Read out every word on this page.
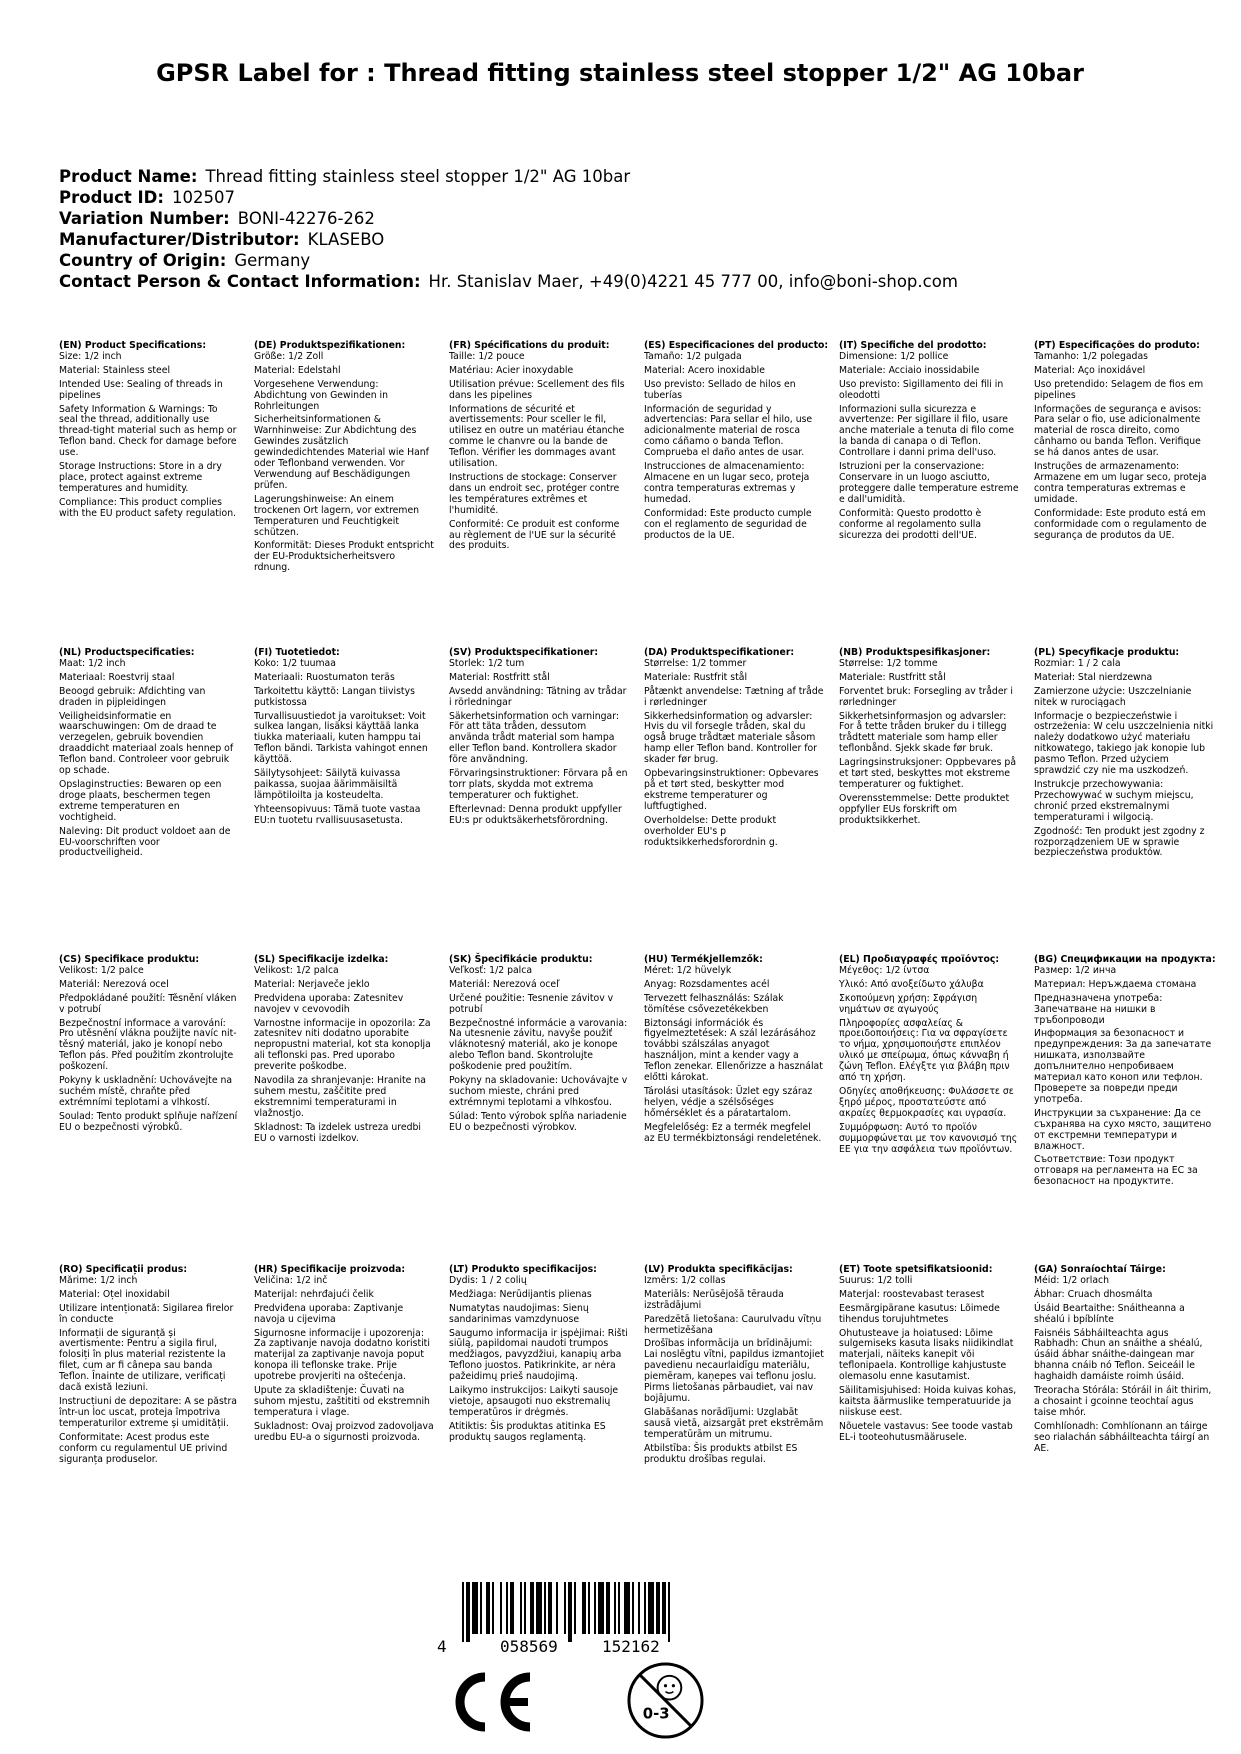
GPSR Label for : Thread fitting stainless steel stopper 1/2" AG 10bar
Product Name: Thread fitting stainless steel stopper 1/2" AG 10bar
Product ID: 102507
Variation Number: BONI-42276-262
Manufacturer/Distributor: KLASEBO
Country of Origin: Germany
Contact Person & Contact Information: Hr. Stanislav Maer, +49(0)4221 45 777 00, info@boni-shop.com
(EN) Product Specifications:
Size: 1/2 inch
Material: Stainless steel
Intended Use: Sealing of threads in pipelines
Safety Information & Warnings: To seal the thread, additionally use thread-tight material such as hemp or Teflon band. Check for damage before use.
Storage Instructions: Store in a dry place, protect against extreme temperatures and humidity.
Compliance: This product complies with the EU product safety regulation.
(DE) Produktspezifikationen:
Größe: 1/2 Zoll
Material: Edelstahl
Vorgesehene Verwendung: Abdichtung von Gewinden in Rohrleitungen
Sicherheitsinformationen & Warnhinweise: Zur Abdichtung des Gewindes zusätzlich gewindedichtendes Material wie Hanf oder Teflonband verwenden. Vor Verwendung auf Beschädigungen prüfen.
Lagerungshinweise: An einem trockenen Ort lagern, vor extremen Temperaturen und Feuchtigkeit schützen.
Konformität: Dieses Produkt entspricht der EU-Produktsicherheitsvero rdnung.
(FR) Spécifications du produit:
Taille: 1/2 pouce
Matériau: Acier inoxydable
Utilisation prévue: Scellement des fils dans les pipelines
Informations de sécurité et avertissements: Pour sceller le fil, utilisez en outre un matériau étanche comme le chanvre ou la bande de Teflon. Vérifier les dommages avant utilisation.
Instructions de stockage: Conserver dans un endroit sec, protéger contre les températures extrêmes et l'humidité.
Conformité: Ce produit est conforme au règlement de l'UE sur la sécurité des produits.
(ES) Especificaciones del producto:
Tamaño: 1/2 pulgada
Material: Acero inoxidable
Uso previsto: Sellado de hilos en tuberías
Información de seguridad y advertencias: Para sellar el hilo, use adicionalmente material de rosca como cáñamo o banda Teflon. Comprueba el daño antes de usar.
Instrucciones de almacenamiento: Almacene en un lugar seco, proteja contra temperaturas extremas y humedad.
Conformidad: Este producto cumple con el reglamento de seguridad de productos de la UE.
(IT) Specifiche del prodotto:
Dimensione: 1/2 pollice
Materiale: Acciaio inossidabile
Uso previsto: Sigillamento dei fili in oleodotti
Informazioni sulla sicurezza e avvertenze: Per sigillare il filo, usare anche materiale a tenuta di filo come la banda di canapa o di Teflon. Controllare i danni prima dell'uso.
Istruzioni per la conservazione: Conservare in un luogo asciutto, proteggere dalle temperature estreme e dall'umidità.
Conformità: Questo prodotto è conforme al regolamento sulla sicurezza dei prodotti dell'UE.
(PT) Especificações do produto:
Tamanho: 1/2 polegadas
Material: Aço inoxidável
Uso pretendido: Selagem de fios em pipelines
Informações de segurança e avisos: Para selar o fio, use adicionalmente material de rosca direito, como cânhamo ou banda Teflon. Verifique se há danos antes de usar.
Instruções de armazenamento: Armazene em um lugar seco, proteja contra temperaturas extremas e umidade.
Conformidade: Este produto está em conformidade com o regulamento de segurança de produtos da UE.
(NL) Productspecificaties:
Maat: 1/2 inch
Materiaal: Roestvrij staal
Beoogd gebruik: Afdichting van draden in pijpleidingen
Veiligheidsinformatie en waarschuwingen: Om de draad te verzegelen, gebruik bovendien draaddicht materiaal zoals hennep of Teflon band. Controleer voor gebruik op schade.
Opslaginstructies: Bewaren op een droge plaats, beschermen tegen extreme temperaturen en vochtigheid.
Naleving: Dit product voldoet aan de EU-voorschriften voor productveiligheid.
(FI) Tuotetiedot:
Koko: 1/2 tuumaa
Materiaali: Ruostumaton teräs
Tarkoitettu käyttö: Langan tiivistys putkistossa
Turvallisuustiedot ja varoitukset: Voit sulkea langan, lisäksi käyttää lanka tiukka materiaali, kuten hamppu tai Teflon bändi. Tarkista vahingot ennen käyttöä.
Säilytysohjeet: Säilytä kuivassa paikassa, suojaa äärimmäisiltä lämpötiloilta ja kosteudelta.
Yhteensopivuus: Tämä tuote vastaa EU:n tuotetu rvallisuusasetusta.
(SV) Produktspecifikationer:
Storlek: 1/2 tum
Material: Rostfritt stål
Avsedd användning: Tätning av trådar i rörledningar
Säkerhetsinformation och varningar: För att täta tråden, dessutom använda trådt material som hampa eller Teflon band. Kontrollera skador före användning.
Förvaringsinstruktioner: Förvara på en torr plats, skydda mot extrema temperaturer och fuktighet.
Efterlevnad: Denna produkt uppfyller EU:s pr oduktsäkerhetsförordning.
(DA) Produktspecifikationer:
Størrelse: 1/2 tommer
Materiale: Rustfrit stål
Påtænkt anvendelse: Tætning af tråde i rørledninger
Sikkerhedsinformation og advarsler: Hvis du vil forsegle tråden, skal du også bruge trådtæt materiale såsom hamp eller Teflon band. Kontroller for skader før brug.
Opbevaringsinstruktioner: Opbevares på et tørt sted, beskytter mod ekstreme temperaturer og luftfugtighed.
Overholdelse: Dette produkt overholder EU's p roduktsikkerhedsforordnin g.
(NB) Produktspesifikasjoner:
Størrelse: 1/2 tomme
Materiale: Rustfritt stål
Forventet bruk: Forsegling av tråder i rørledninger
Sikkerhetsinformasjon og advarsler: For å tette tråden bruker du i tillegg trådtett materiale som hamp eller teflonbånd. Sjekk skade før bruk.
Lagringsinstruksjoner: Oppbevares på et tørt sted, beskyttes mot ekstreme temperaturer og fuktighet.
Overensstemmelse: Dette produktet oppfyller EUs forskrift om produktsikkerhet.
(PL) Specyfikacje produktu:
Rozmiar: 1 / 2 cala
Materiał: Stal nierdzewna
Zamierzone użycie: Uszczelnianie nitek w rurociągach
Informacje o bezpieczeństwie i ostrzeżenia: W celu uszczelnienia nitki należy dodatkowo użyć materiału nitkowatego, takiego jak konopie lub pasmo Teflon. Przed użyciem sprawdzić czy nie ma uszkodzeń.
Instrukcje przechowywania: Przechowywać w suchym miejscu, chronić przed ekstremalnymi temperaturami i wilgocią.
Zgodność: Ten produkt jest zgodny z rozporządzeniem UE w sprawie bezpieczeństwa produktów.
(CS) Specifikace produktu:
Velikost: 1/2 palce
Materiál: Nerezová ocel
Předpokládané použití: Těsnění vláken v potrubí
Bezpečnostní informace a varování: Pro utěsnění vlákna použijte navíc nit-těsný materiál, jako je konopí nebo Teflon pás. Před použitím zkontrolujte poškození.
Pokyny k uskladnění: Uchovávejte na suchém místě, chraňte před extrémními teplotami a vlhkostí.
Soulad: Tento produkt splňuje nařízení EU o bezpečnosti výrobků.
(SL) Specifikacije izdelka:
Velikost: 1/2 palca
Material: Nerjaveče jeklo
Predvidena uporaba: Zatesnitev navojev v cevovodih
Varnostne informacije in opozorila: Za zatesnitev niti dodatno uporabite nepropustni material, kot sta konoplja ali teflonski pas. Pred uporabo preverite poškodbe.
Navodila za shranjevanje: Hranite na suhem mestu, zaščitite pred ekstremnimi temperaturami in vlažnostjo.
Skladnost: Ta izdelek ustreza uredbi EU o varnosti izdelkov.
(SK) Špecifikácie produktu:
Veľkosť: 1/2 palca
Materiál: Nerezová oceľ
Určené použitie: Tesnenie závitov v potrubí
Bezpečnostné informácie a varovania: Na utesnenie závitu, navyše použiť vláknotesný materiál, ako je konope alebo Teflon band. Skontrolujte poškodenie pred použitím.
Pokyny na skladovanie: Uchovávajte v suchom mieste, chráni pred extrémnymi teplotami a vlhkosťou.
Súlad: Tento výrobok spĺňa nariadenie EU o bezpečnosti výrobkov.
(HU) Termékjellemzők:
Méret: 1/2 hüvelyk
Anyag: Rozsdamentes acél
Tervezett felhasználás: Szálak tömítése csővezetékekben
Biztonsági információk és figyelmeztetések: A szál lezárásához további szálszálas anyagot használjon, mint a kender vagy a Teflon zenekar. Ellenőrizze a használat előtti károkat.
Tárolási utasítások: Üzlet egy száraz helyen, védje a szélsőséges hőmérséklet és a páratartalom.
Megfelelőség: Ez a termék megfelel az EU termékbiztonsági rendeletének.
(EL) Προδιαγραφές προϊόντος:
Μέγεθος: 1/2 ίντσα
Υλικό: Από ανοξείδωτο χάλυβα
Σκοπούμενη χρήση: Σφράγιση νημάτων σε αγωγούς
Πληροφορίες ασφαλείας & προειδοποιήσεις: Για να σφραγίσετε το νήμα, χρησιμοποιήστε επιπλέον υλικό με σπείρωμα, όπως κάνναβη ή ζώνη Teflon. Ελέγξτε για βλάβη πριν από τη χρήση.
Οδηγίες αποθήκευσης: Φυλάσσετε σε ξηρό μέρος, προστατεύστε από ακραίες θερμοκρασίες και υγρασία.
Συμμόρφωση: Αυτό το προϊόν συμμορφώνεται με τον κανονισμό της ΕΕ για την ασφάλεια των προϊόντων.
(BG) Спецификации на продукта:
Размер: 1/2 инча
Материал: Неръждаема стомана
Предназначена употреба: Запечатване на нишки в тръбопроводи
Информация за безопасност и предупреждения: За да запечатате нишката, използвайте допълнително непробиваем материал като коноп или тефлон. Проверете за повреди преди употреба.
Инструкции за съхранение: Да се съхранява на сухо място, защитено от екстремни температури и влажност.
Съответствие: Този продукт отговаря на регламента на ЕС за безопасност на продуктите.
(RO) Specificații produs:
Mărime: 1/2 inch
Material: Oțel inoxidabil
Utilizare intenționată: Sigilarea firelor în conducte
Informații de siguranță și avertismente: Pentru a sigila firul, folosiți în plus material rezistente la filet, cum ar fi cânepa sau banda Teflon. Înainte de utilizare, verificați dacă există leziuni.
Instrucțiuni de depozitare: A se păstra într-un loc uscat, proteja împotriva temperaturilor extreme și umidității.
Conformitate: Acest produs este conform cu regulamentul UE privind siguranța produselor.
(HR) Specifikacije proizvoda:
Veličina: 1/2 inč
Materijal: nehrđajući čelik
Predviđena uporaba: Zaptivanje navoja u cijevima
Sigurnosne informacije i upozorenja: Za zaptivanje navoja dodatno koristiti materijal za zaptivanje navoja poput konopa ili teflonske trake. Prije upotrebe provjeriti na oštećenja.
Upute za skladištenje: Čuvati na suhom mjestu, zaštititi od ekstremnih temperatura i vlage.
Sukladnost: Ovaj proizvod zadovoljava uredbu EU-a o sigurnosti proizvoda.
(LT) Produkto specifikacijos:
Dydis: 1 / 2 colių
Medžiaga: Nerūdijantis plienas
Numatytas naudojimas: Sienų sandarinimas vamzdynuose
Saugumo informacija ir įspėjimai: Rišti siūlą, papildomai naudoti trumpos medžiagos, pavyzdžiui, kanapių arba Teflono juostos. Patikrinkite, ar nėra pažeidimų prieš naudojimą.
Laikymo instrukcijos: Laikyti sausoje vietoje, apsaugoti nuo ekstremalių temperatūros ir drėgmės.
Atitiktis: Šis produktas atitinka ES produktų saugos reglamentą.
(LV) Produkta specifikācijas:
Izmērs: 1/2 collas
Materiāls: Nerūsējošā tērauda izstrādājumi
Paredzētā lietošana: Caurulvadu vītņu hermetizēšana
Drošības informācija un brīdinājumi: Lai noslēgtu vītni, papildus izmantojiet pavedienu necaurlaidīgu materiālu, piemēram, kaņepes vai teflonu joslu. Pirms lietošanas pārbaudiet, vai nav bojājumu.
Glabāšanas norādījumi: Uzglabāt sausā vietā, aizsargāt pret ekstrēmām temperatūrām un mitrumu.
Atbilstība: Šis produkts atbilst ES produktu drošības regulai.
(ET) Toote spetsifikatsioonid:
Suurus: 1/2 tolli
Materjal: roostevabast terasest
Eesmärgipärane kasutus: Lõimede tihendus torujuhtmetes
Ohutusteave ja hoiatused: Lõime sulgemiseks kasuta lisaks niidikindlat materjali, näiteks kanepit või teflonipaela. Kontrollige kahjustuste olemasolu enne kasutamist.
Säilitamisjuhised: Hoida kuivas kohas, kaitsta äärmuslike temperatuuride ja niiskuse eest.
Nõuetele vastavus: See toode vastab EL-i tooteohutusmäärusele.
(GA) Sonraíochtaí Táirge:
Méid: 1/2 orlach
Ábhar: Cruach dhosmálta
Úsáid Beartaithe: Snáitheanna a shéalú i bpíblínte
Faisnéis Sábháilteachta agus Rabhadh: Chun an snáithe a shéalú, úsáid ábhar snáithe-daingean mar bhanna cnáib nó Teflon. Seiceáil le haghaidh damáiste roimh úsáid.
Treoracha Stórála: Stóráil in áit thirim, a chosaint i gcoinne teochtaí agus taise mhór.
Comhlíonadh: Comhlíonann an táirge seo rialachán sábháilteachta táirgí an AE.
4	058569	152162
0-3
